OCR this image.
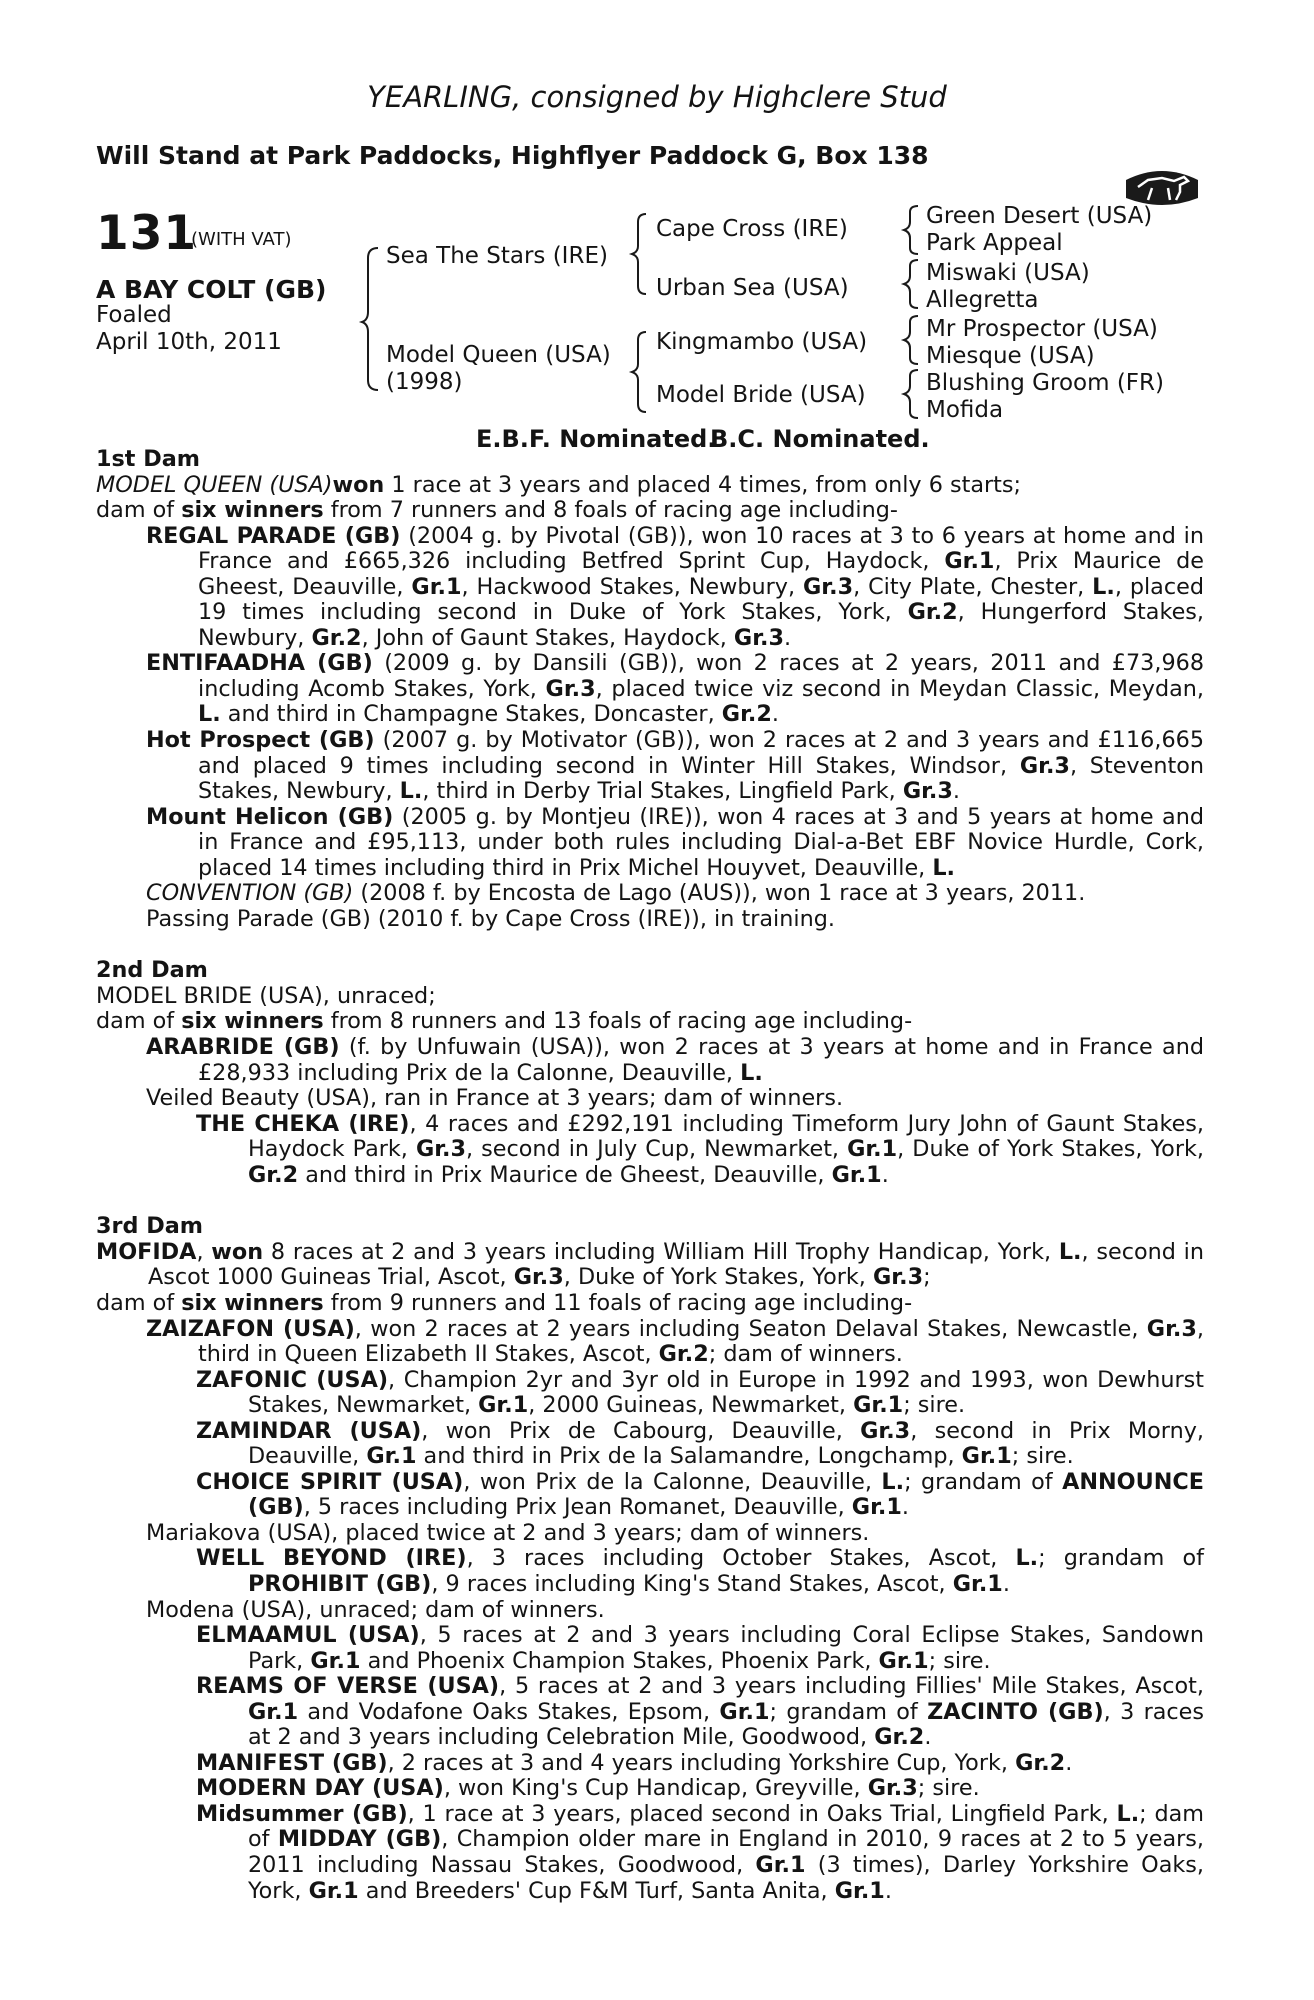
YEARLING, consigned by Highclere Stud
Will Stand at Park Paddocks, Highflyer Paddock G, Box 138
131
(WITH VAT)
A BAY COLT (GB)
Foaled
April 10th, 2011
Sea The Stars (IRE)
Model Queen (USA)
(1998)
Cape Cross (IRE)
Urban Sea (USA)
Kingmambo (USA)
Model Bride (USA)
Green Desert (USA)
Park Appeal
Miswaki (USA)
Allegretta
Mr Prospector (USA)
Miesque (USA)
Blushing Groom (FR)
Mofida
E.B.F. Nominated.
B.C. Nominated.
1st Dam
MODEL QUEEN (USA)won 1 race at 3 years and placed 4 times, from only 6 starts;
dam of six winners from 7 runners and 8 foals of racing age including-
REGAL PARADE (GB) (2004 g. by Pivotal (GB)), won 10 races at 3 to 6 years at home and in France and £665,326 including Betfred Sprint Cup, Haydock, Gr.1, Prix Maurice de Gheest, Deauville, Gr.1, Hackwood Stakes, Newbury, Gr.3, City Plate, Chester, L., placed 19 times including second in Duke of York Stakes, York, Gr.2, Hungerford Stakes, Newbury, Gr.2, John of Gaunt Stakes, Haydock, Gr.3.
ENTIFAADHA (GB) (2009 g. by Dansili (GB)), won 2 races at 2 years, 2011 and £73,968 including Acomb Stakes, York, Gr.3, placed twice viz second in Meydan Classic, Meydan, L. and third in Champagne Stakes, Doncaster, Gr.2.
Hot Prospect (GB) (2007 g. by Motivator (GB)), won 2 races at 2 and 3 years and £116,665 and placed 9 times including second in Winter Hill Stakes, Windsor, Gr.3, Steventon Stakes, Newbury, L., third in Derby Trial Stakes, Lingfield Park, Gr.3.
Mount Helicon (GB) (2005 g. by Montjeu (IRE)), won 4 races at 3 and 5 years at home and in France and £95,113, under both rules including Dial-a-Bet EBF Novice Hurdle, Cork, placed 14 times including third in Prix Michel Houyvet, Deauville, L.
CONVENTION (GB) (2008 f. by Encosta de Lago (AUS)), won 1 race at 3 years, 2011.
Passing Parade (GB) (2010 f. by Cape Cross (IRE)), in training.
2nd Dam
MODEL BRIDE (USA), unraced;
dam of six winners from 8 runners and 13 foals of racing age including-
ARABRIDE (GB) (f. by Unfuwain (USA)), won 2 races at 3 years at home and in France and £28,933 including Prix de la Calonne, Deauville, L.
Veiled Beauty (USA), ran in France at 3 years; dam of winners.
THE CHEKA (IRE), 4 races and £292,191 including Timeform Jury John of Gaunt Stakes, Haydock Park, Gr.3, second in July Cup, Newmarket, Gr.1, Duke of York Stakes, York, Gr.2 and third in Prix Maurice de Gheest, Deauville, Gr.1.
3rd Dam
MOFIDA, won 8 races at 2 and 3 years including William Hill Trophy Handicap, York, L., second in Ascot 1000 Guineas Trial, Ascot, Gr.3, Duke of York Stakes, York, Gr.3;
dam of six winners from 9 runners and 11 foals of racing age including-
ZAIZAFON (USA), won 2 races at 2 years including Seaton Delaval Stakes, Newcastle, Gr.3, third in Queen Elizabeth II Stakes, Ascot, Gr.2; dam of winners.
ZAFONIC (USA), Champion 2yr and 3yr old in Europe in 1992 and 1993, won Dewhurst Stakes, Newmarket, Gr.1, 2000 Guineas, Newmarket, Gr.1; sire.
ZAMINDAR (USA), won Prix de Cabourg, Deauville, Gr.3, second in Prix Morny, Deauville, Gr.1 and third in Prix de la Salamandre, Longchamp, Gr.1; sire.
CHOICE SPIRIT (USA), won Prix de la Calonne, Deauville, L.; grandam of ANNOUNCE (GB), 5 races including Prix Jean Romanet, Deauville, Gr.1.
Mariakova (USA), placed twice at 2 and 3 years; dam of winners.
WELL BEYOND (IRE), 3 races including October Stakes, Ascot, L.; grandam of PROHIBIT (GB), 9 races including King's Stand Stakes, Ascot, Gr.1.
Modena (USA), unraced; dam of winners.
ELMAAMUL (USA), 5 races at 2 and 3 years including Coral Eclipse Stakes, Sandown Park, Gr.1 and Phoenix Champion Stakes, Phoenix Park, Gr.1; sire.
REAMS OF VERSE (USA), 5 races at 2 and 3 years including Fillies' Mile Stakes, Ascot, Gr.1 and Vodafone Oaks Stakes, Epsom, Gr.1; grandam of ZACINTO (GB), 3 races at 2 and 3 years including Celebration Mile, Goodwood, Gr.2.
MANIFEST (GB), 2 races at 3 and 4 years including Yorkshire Cup, York, Gr.2.
MODERN DAY (USA), won King's Cup Handicap, Greyville, Gr.3; sire.
Midsummer (GB), 1 race at 3 years, placed second in Oaks Trial, Lingfield Park, L.; dam of MIDDAY (GB), Champion older mare in England in 2010, 9 races at 2 to 5 years, 2011 including Nassau Stakes, Goodwood, Gr.1 (3 times), Darley Yorkshire Oaks, York, Gr.1 and Breeders' Cup F&M Turf, Santa Anita, Gr.1.
